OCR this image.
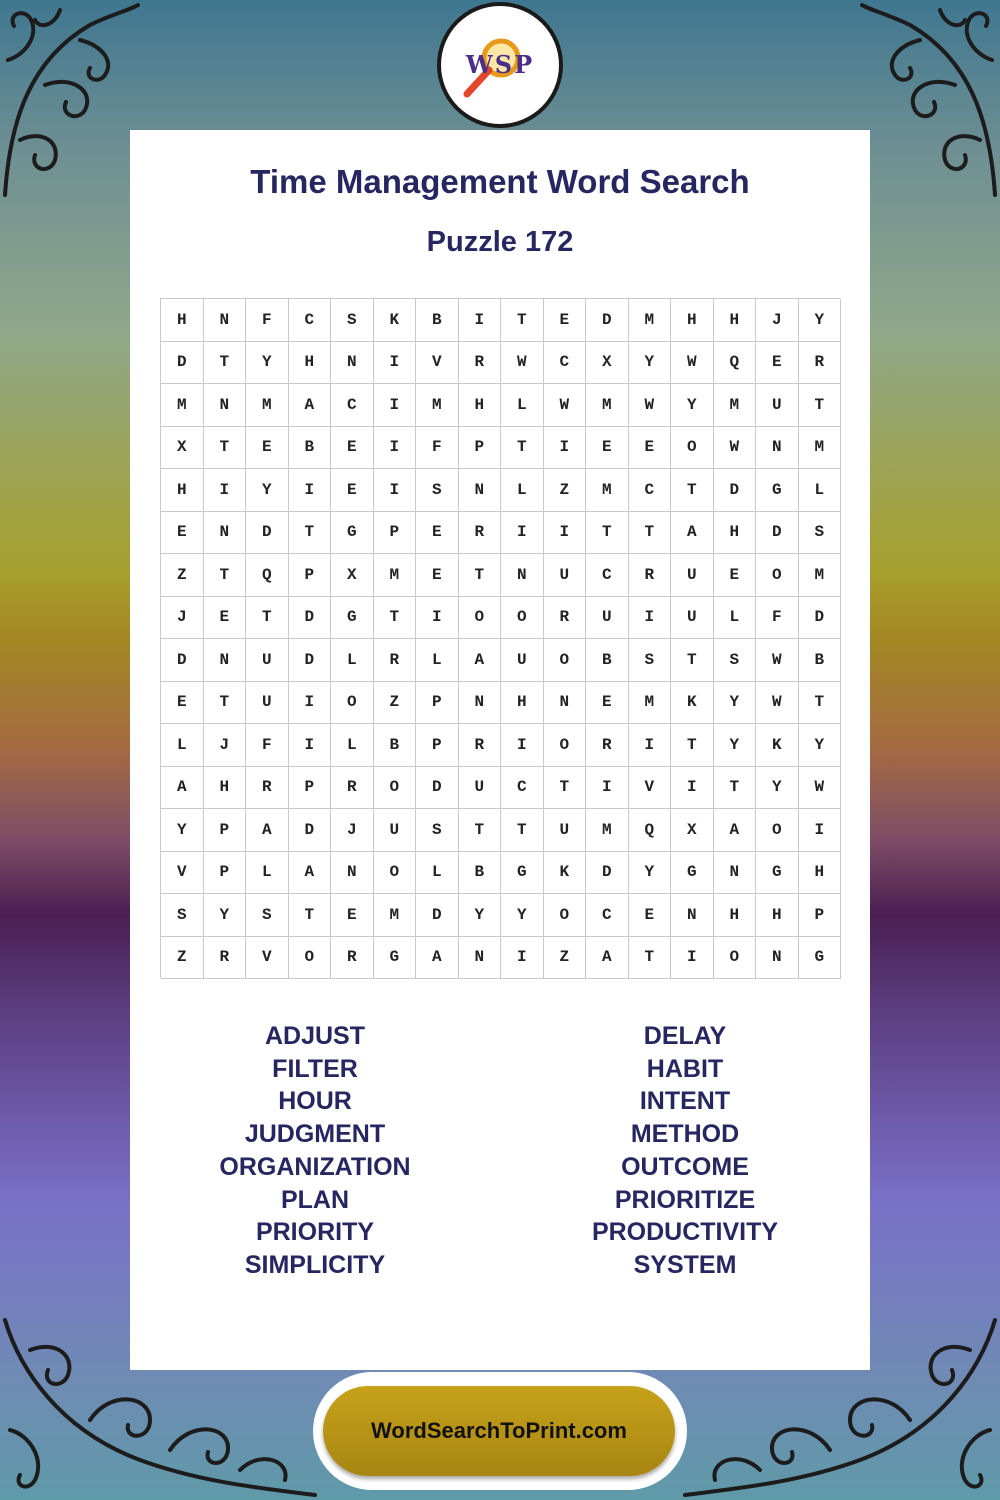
WSP
Time Management Word Search
Puzzle 172
H	N	F	C	S	K	B	I	T	E	D	M	H	H	J	Y
D	T	Y	H	N	I	V	R	W	C	X	Y	W	Q	E	R
M	N	M	A	C	I	M	H	L	W	M	W	Y	M	U	T
X	T	E	B	E	I	F	P	T	I	E	E	O	W	N	M
H	I	Y	I	E	I	S	N	L	Z	M	C	T	D	G	L
E	N	D	T	G	P	E	R	I	I	T	T	A	H	D	S
Z	T	Q	P	X	M	E	T	N	U	C	R	U	E	O	M
J	E	T	D	G	T	I	O	O	R	U	I	U	L	F	D
D	N	U	D	L	R	L	A	U	O	B	S	T	S	W	B
E	T	U	I	O	Z	P	N	H	N	E	M	K	Y	W	T
L	J	F	I	L	B	P	R	I	O	R	I	T	Y	K	Y
A	H	R	P	R	O	D	U	C	T	I	V	I	T	Y	W
Y	P	A	D	J	U	S	T	T	U	M	Q	X	A	O	I
V	P	L	A	N	O	L	B	G	K	D	Y	G	N	G	H
S	Y	S	T	E	M	D	Y	Y	O	C	E	N	H	H	P
Z	R	V	O	R	G	A	N	I	Z	A	T	I	O	N	G
ADJUST
FILTER
HOUR
JUDGMENT
ORGANIZATION
PLAN
PRIORITY
SIMPLICITY
DELAY
HABIT
INTENT
METHOD
OUTCOME
PRIORITIZE
PRODUCTIVITY
SYSTEM
WordSearchToPrint.com
